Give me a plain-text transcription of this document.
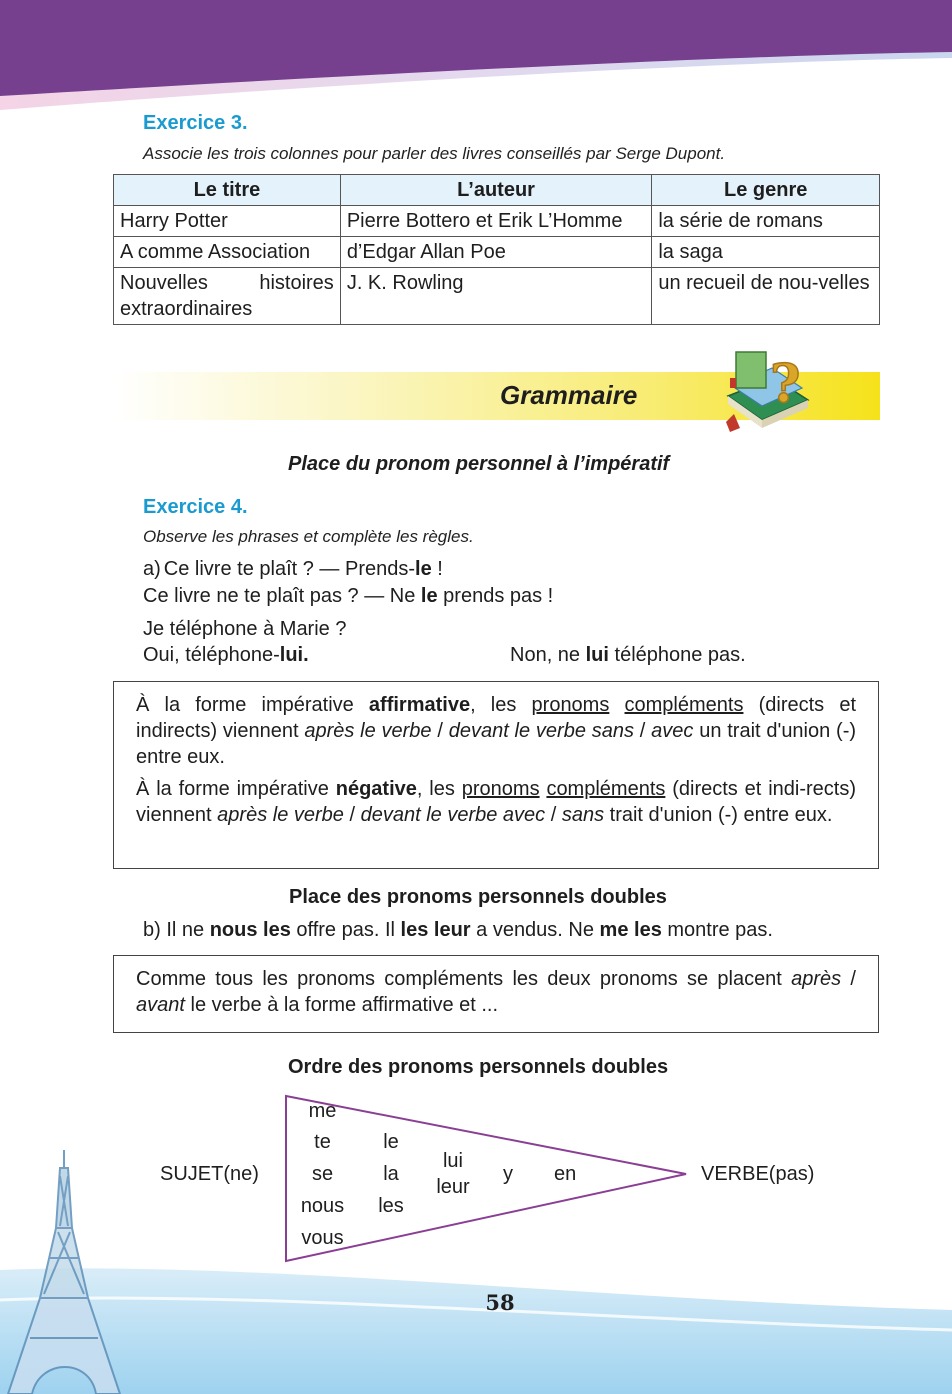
Exercice 3.
Associe les trois colonnes pour parler des livres conseillés par Serge Dupont.
Le titre	L’auteur	Le genre
Harry Potter	Pierre Bottero et Erik L’Homme	la série de romans
A comme Association	d’Edgar Allan Poe	la saga
Nouvelles histoires extraordinaires	J. K. Rowling	un recueil de nou-velles
Grammaire	?
Place du pronom personnel à l’impératif
Exercice 4.
Observe les phrases et complète les règles.
a) Ce livre te plaît ? — Prends-le !
Ce livre ne te plaît pas ? — Ne le prends pas !
Je téléphone à Marie ?
Oui, téléphone-lui.	Non, ne lui téléphone pas.

À la forme impérative affirmative, les pronoms compléments (directs et indirects) viennent après le verbe / devant le verbe sans / avec un trait d'union (-) entre eux.

À la forme impérative négative, les pronoms compléments (directs et indi-rects) viennent après le verbe / devant le verbe avec / sans trait d'union (-) entre eux.

Place des pronoms personnels doubles
b) Il ne nous les offre pas. Il les leur a vendus. Ne me les montre pas.

Comme tous les pronoms compléments les deux pronoms se placent après / avant le verbe à la forme affirmative et ...

Ordre des pronoms personnels doubles
SUJET(ne)	VERBE(pas)
me
te
se
nous
vous
le
la
les
lui
leur
y en
58
